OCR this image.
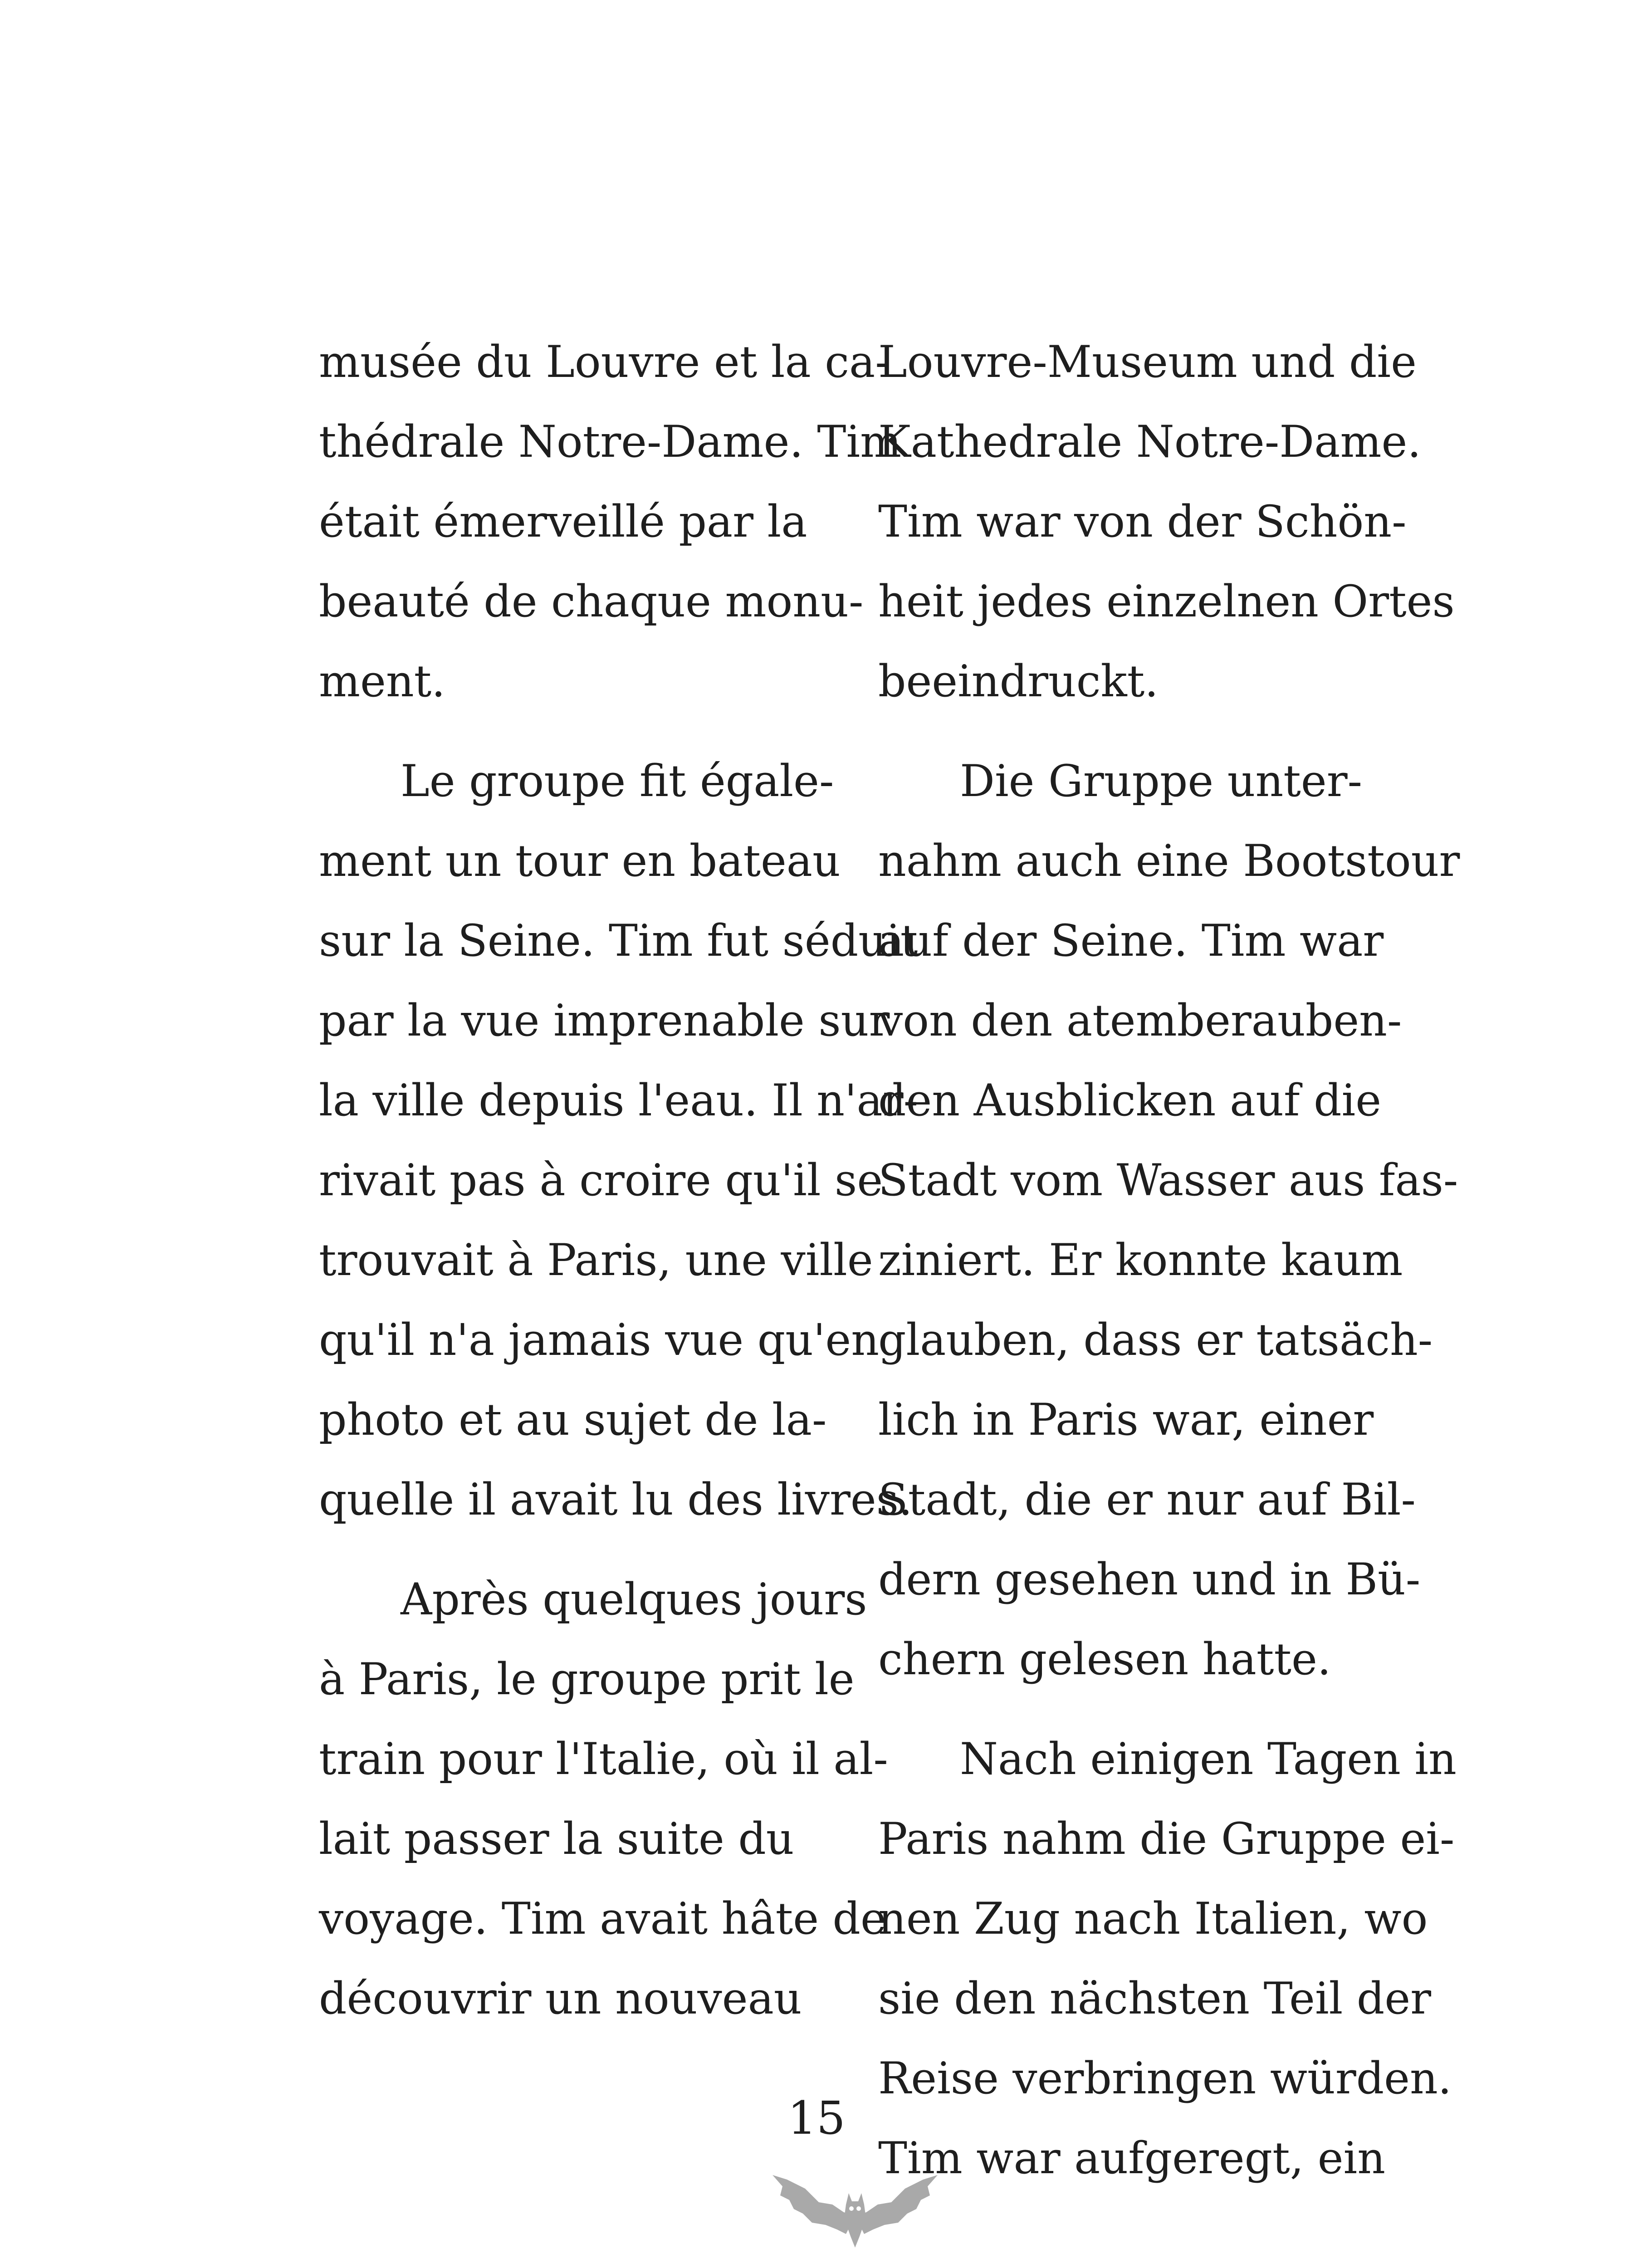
musée du Louvre et la ca-
thédrale Notre-Dame. Tim
était émerveillé par la
beauté de chaque monu-
ment.

Le groupe fit égale-
ment un tour en bateau
sur la Seine. Tim fut séduit
par la vue imprenable sur
la ville depuis l'eau. Il n'ar-
rivait pas à croire qu'il se
trouvait à Paris, une ville
qu'il n'a jamais vue qu'en
photo et au sujet de la-
quelle il avait lu des livres.

Après quelques jours
à Paris, le groupe prit le
train pour l'Italie, où il al-
lait passer la suite du
voyage. Tim avait hâte de
découvrir un nouveau

Louvre-Museum und die
Kathedrale Notre-Dame.
Tim war von der Schön-
heit jedes einzelnen Ortes
beeindruckt.

Die Gruppe unter-
nahm auch eine Bootstour
auf der Seine. Tim war
von den atemberauben-
den Ausblicken auf die
Stadt vom Wasser aus fas-
ziniert. Er konnte kaum
glauben, dass er tatsäch-
lich in Paris war, einer
Stadt, die er nur auf Bil-
dern gesehen und in Bü-
chern gelesen hatte.

Nach einigen Tagen in
Paris nahm die Gruppe ei-
nen Zug nach Italien, wo
sie den nächsten Teil der
Reise verbringen würden.
Tim war aufgeregt, ein

15
